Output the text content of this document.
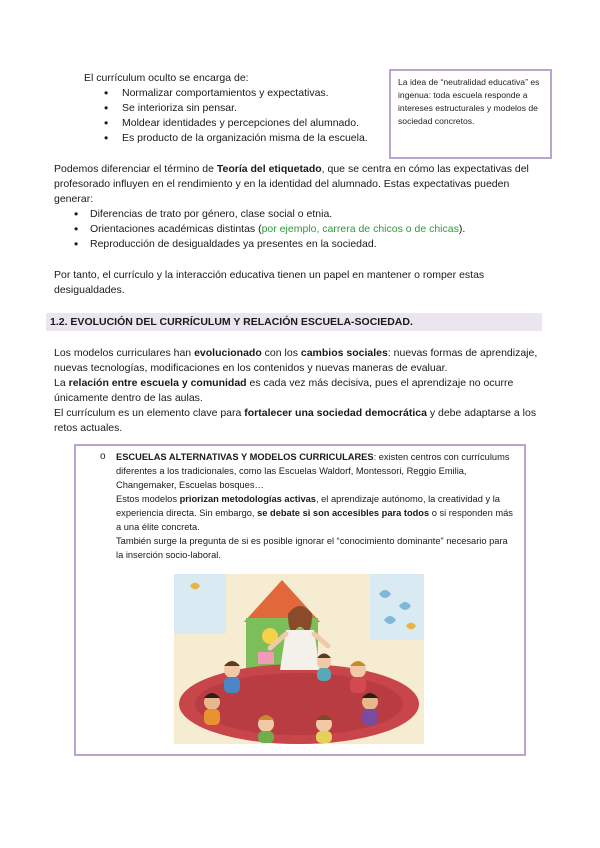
El currículum oculto se encarga de:
• Normalizar comportamientos y expectativas.
• Se interioriza sin pensar.
• Moldear identidades y percepciones del alumnado.
• Es producto de la organización misma de la escuela.
La idea de “neutralidad educativa” es ingenua: toda escuela responde a intereses estructurales y modelos de sociedad concretos.
Podemos diferenciar el término de Teoría del etiquetado, que se centra en cómo las expectativas del profesorado influyen en el rendimiento y en la identidad del alumnado. Estas expectativas pueden generar:
• Diferencias de trato por género, clase social o etnia.
• Orientaciones académicas distintas (por ejemplo, carrera de chicos o de chicas).
• Reproducción de desigualdades ya presentes en la sociedad.
Por tanto, el currículo y la interacción educativa tienen un papel en mantener o romper estas desigualdades.
1.2. EVOLUCIÓN DEL CURRÍCULUM Y RELACIÓN ESCUELA-SOCIEDAD.
Los modelos curriculares han evolucionado con los cambios sociales: nuevas formas de aprendizaje, nuevas tecnologías, modificaciones en los contenidos y nuevas maneras de evaluar.
La relación entre escuela y comunidad es cada vez más decisiva, pues el aprendizaje no ocurre únicamente dentro de las aulas.
El currículum es un elemento clave para fortalecer una sociedad democrática y debe adaptarse a los retos actuales.
o ESCUELAS ALTERNATIVAS Y MODELOS CURRICULARES: existen centros con currículums diferentes a los tradicionales, como las Escuelas Waldorf, Montessori, Reggio Emilia, Changemaker, Escuelas bosques…

Estos modelos priorizan metodologías activas, el aprendizaje autónomo, la creatividad y la experiencia directa. Sin embargo, se debate si son accesibles para todos o si responden más a una élite concreta.

También surge la pregunta de si es posible ignorar el “conocimiento dominante” necesario para la inserción socio-laboral.
